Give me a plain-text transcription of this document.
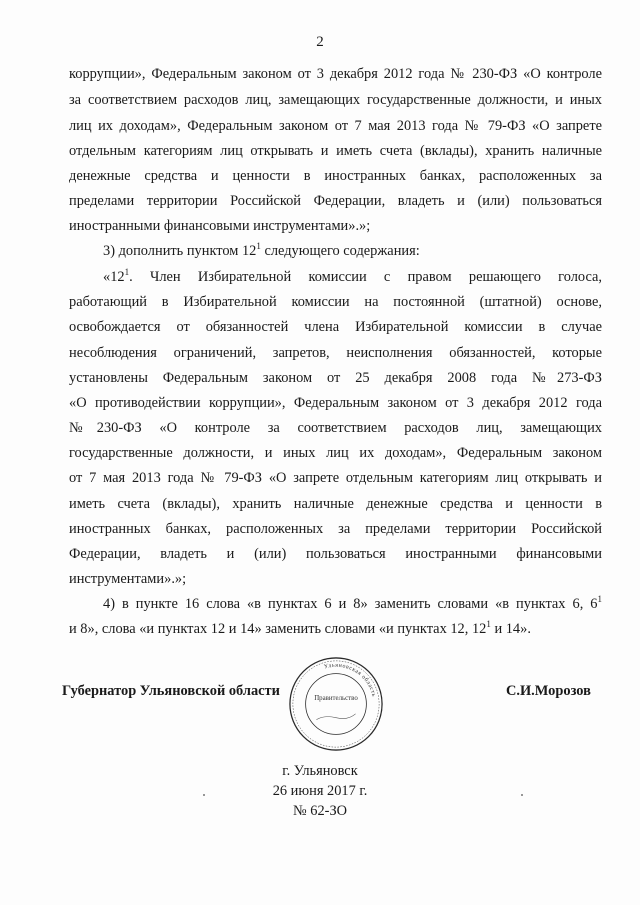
2
коррупции», Федеральным законом от 3 декабря 2012 года № 230-ФЗ «О контроле
за соответствием расходов лиц, замещающих государственные должности, и иных
лиц их доходам», Федеральным законом от 7 мая 2013 года № 79-ФЗ «О запрете
отдельным категориям лиц открывать и иметь счета (вклады), хранить наличные
денежные средства и ценности в иностранных банках, расположенных за
пределами территории Российской Федерации, владеть и (или) пользоваться
иностранными финансовыми инструментами».»;
3) дополнить пунктом $12^1$ следующего содержания:
«$12^1$. Член Избирательной комиссии с правом решающего голоса,
работающий в Избирательной комиссии на постоянной (штатной) основе,
освобождается от обязанностей члена Избирательной комиссии в случае
несоблюдения ограничений, запретов, неисполнения обязанностей, которые
установлены Федеральным законом от 25 декабря 2008 года №273-ФЗ
«О противодействии коррупции», Федеральным законом от 3 декабря 2012 года
№230-ФЗ «О контроле за соответствием расходов лиц, замещающих
государственные должности, и иных лиц их доходам», Федеральным законом
от 7 мая 2013 года № 79-ФЗ «О запрете отдельным категориям лиц открывать и
иметь счета (вклады), хранить наличные денежные средства и ценности в
иностранных банках, расположенных за пределами территории Российской
Федерации, владеть и (или) пользоваться иностранными финансовыми
инструментами».»;
4) в пункте 16 слова «в пунктах 6 и 8» заменить словами «в пунктах 6, $6^1$
и 8», слова «и пунктах 12 и 14» заменить словами «и пунктах 12, $12^1$ и 14».
Губернатор Ульяновской области	С.И.Морозов
Ульяновская область
Правительство
г. Ульяновск
26 июня 2017 г.
№ 62-ЗО
